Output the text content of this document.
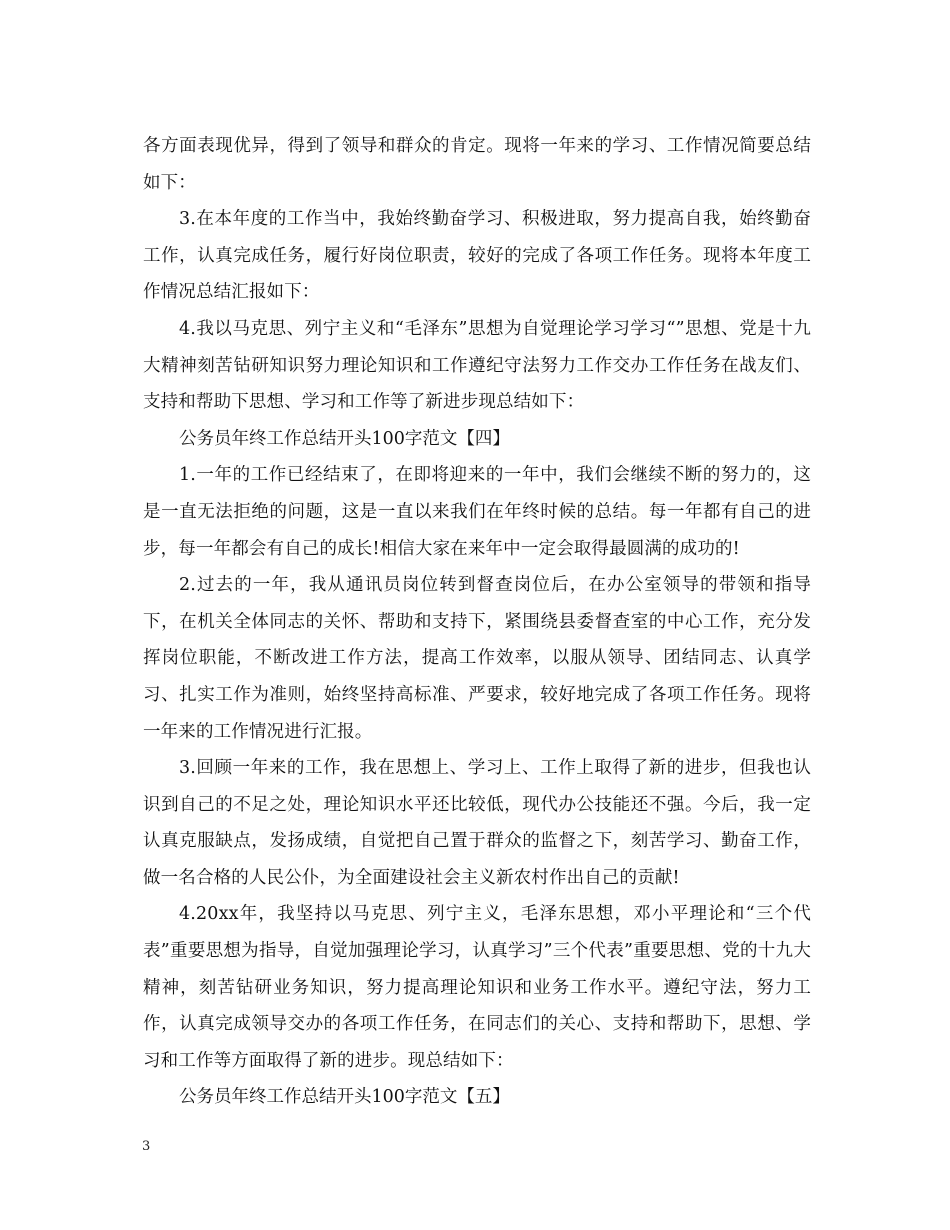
各方面表现优异，得到了领导和群众的肯定。现将一年来的学习、工作情况简要总结如下：

3.在本年度的工作当中，我始终勤奋学习、积极进取，努力提高自我，始终勤奋工作，认真完成任务，履行好岗位职责，较好的完成了各项工作任务。现将本年度工作情况总结汇报如下：

4.我以马克思、列宁主义和“毛泽东”思想为自觉理论学习学习“”思想、党是十九大精神刻苦钻研知识努力理论知识和工作遵纪守法努力工作交办工作任务在战友们、支持和帮助下思想、学习和工作等了新进步现总结如下：

公务员年终工作总结开头100字范文【四】

1.一年的工作已经结束了，在即将迎来的一年中，我们会继续不断的努力的，这是一直无法拒绝的问题，这是一直以来我们在年终时候的总结。每一年都有自己的进步，每一年都会有自己的成长!相信大家在来年中一定会取得最圆满的成功的!

2.过去的一年，我从通讯员岗位转到督查岗位后，在办公室领导的带领和指导下，在机关全体同志的关怀、帮助和支持下，紧围绕县委督查室的中心工作，充分发挥岗位职能，不断改进工作方法，提高工作效率，以服从领导、团结同志、认真学习、扎实工作为准则，始终坚持高标准、严要求，较好地完成了各项工作任务。现将一年来的工作情况进行汇报。

3.回顾一年来的工作，我在思想上、学习上、工作上取得了新的进步，但我也认识到自己的不足之处，理论知识水平还比较低，现代办公技能还不强。今后，我一定认真克服缺点，发扬成绩，自觉把自己置于群众的监督之下，刻苦学习、勤奋工作，做一名合格的人民公仆，为全面建设社会主义新农村作出自己的贡献!

4.20xx年，我坚持以马克思、列宁主义，毛泽东思想，邓小平理论和“三个代表”重要思想为指导，自觉加强理论学习，认真学习”三个代表”重要思想、党的十九大精神，刻苦钻研业务知识，努力提高理论知识和业务工作水平。遵纪守法，努力工作，认真完成领导交办的各项工作任务，在同志们的关心、支持和帮助下，思想、学习和工作等方面取得了新的进步。现总结如下：

公务员年终工作总结开头100字范文【五】

3
